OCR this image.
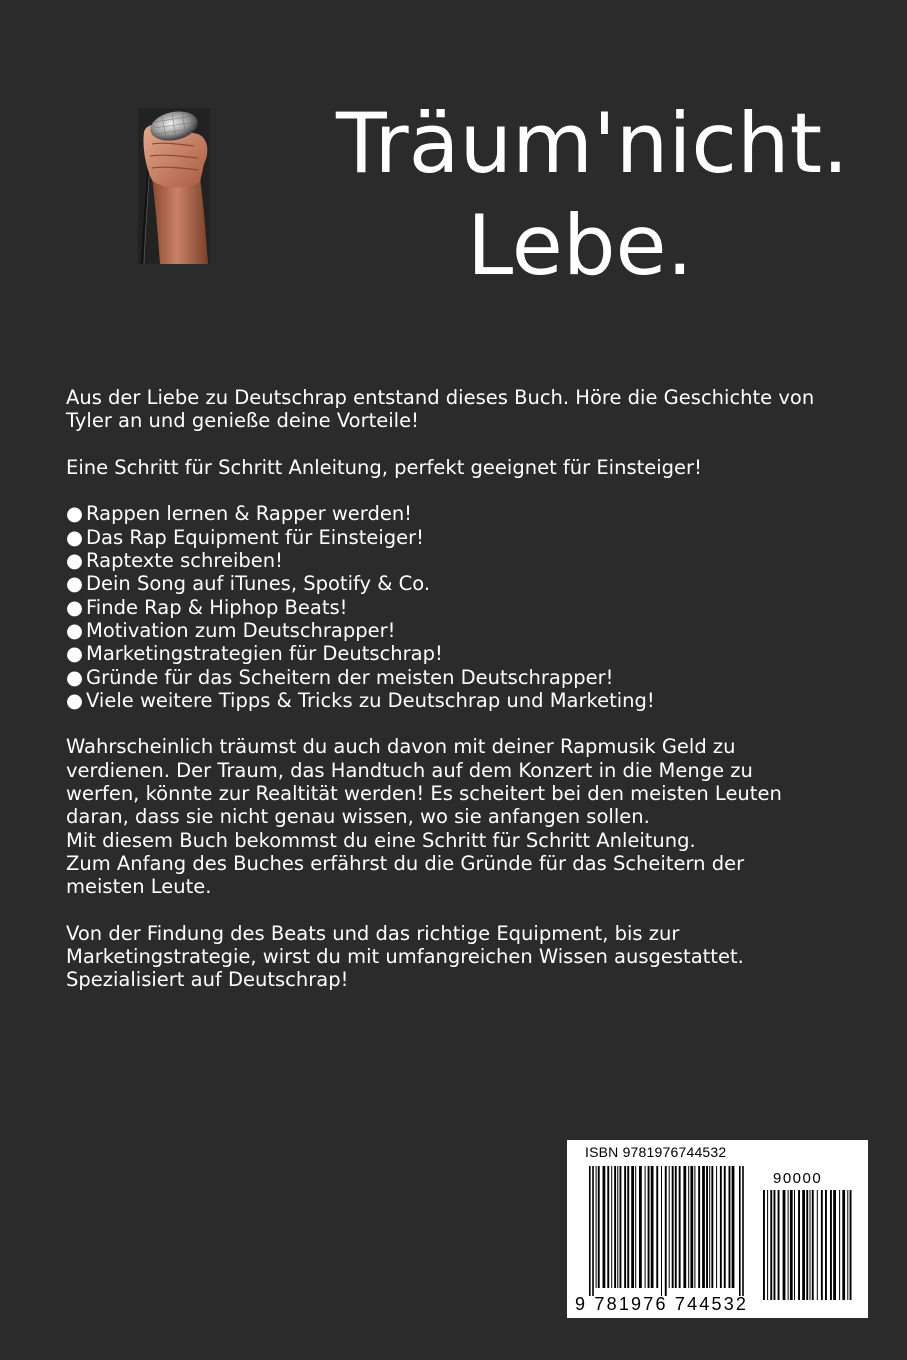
Träum'nicht.
Lebe.

Aus der Liebe zu Deutschrap entstand dieses Buch. Höre die Geschichte von Tyler an und genieße deine Vorteile!

Eine Schritt für Schritt Anleitung, perfekt geeignet für Einsteiger!

● Rappen lernen & Rapper werden!
● Das Rap Equipment für Einsteiger!
● Raptexte schreiben!
● Dein Song auf iTunes, Spotify & Co.
● Finde Rap & Hiphop Beats!
● Motivation zum Deutschrapper!
● Marketingstrategien für Deutschrap!
● Gründe für das Scheitern der meisten Deutschrapper!
● Viele weitere Tipps & Tricks zu Deutschrap und Marketing!

Wahrscheinlich träumst du auch davon mit deiner Rapmusik Geld zu
verdienen. Der Traum, das Handtuch auf dem Konzert in die Menge zu
werfen, könnte zur Realtität werden! Es scheitert bei den meisten Leuten
daran, dass sie nicht genau wissen, wo sie anfangen sollen.
Mit diesem Buch bekommst du eine Schritt für Schritt Anleitung.
Zum Anfang des Buches erfährst du die Gründe für das Scheitern der
meisten Leute.

Von der Findung des Beats und das richtige Equipment, bis zur
Marketingstrategie, wirst du mit umfangreichen Wissen ausgestattet.
Spezialisiert auf Deutschrap!

ISBN 9781976744532
90000
9 781976 744532
